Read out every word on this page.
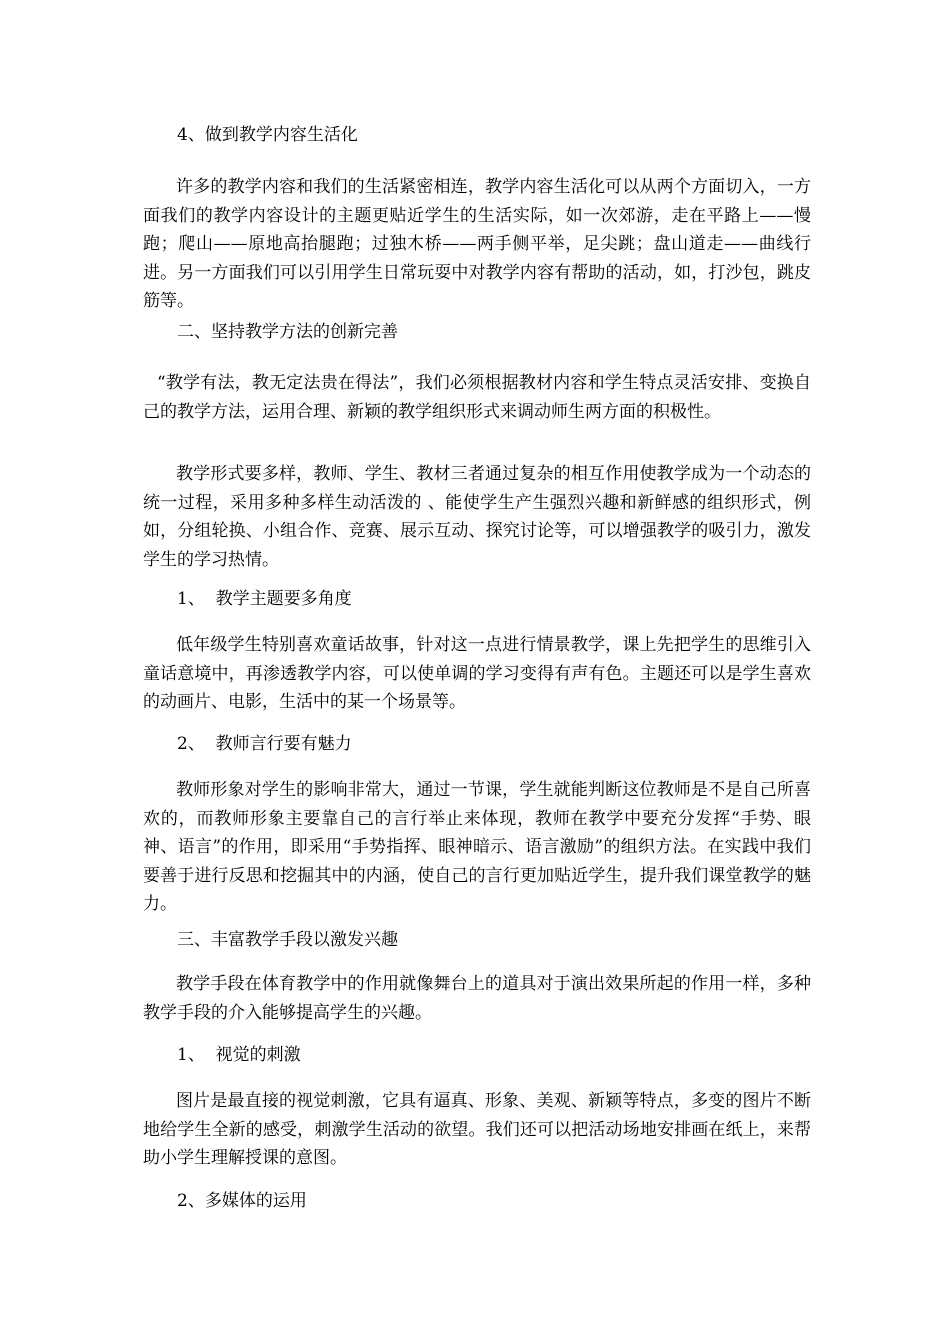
4、做到教学内容生活化

许多的教学内容和我们的生活紧密相连，教学内容生活化可以从两个方面切入，一方面我们的教学内容设计的主题更贴近学生的生活实际，如一次郊游，走在平路上——慢跑；爬山——原地高抬腿跑；过独木桥——两手侧平举，足尖跳；盘山道走——曲线行进。另一方面我们可以引用学生日常玩耍中对教学内容有帮助的活动，如，打沙包，跳皮筋等。

二、坚持教学方法的创新完善

“教学有法，教无定法贵在得法”，我们必须根据教材内容和学生特点灵活安排、变换自己的教学方法，运用合理、新颖的教学组织形式来调动师生两方面的积极性。

教学形式要多样，教师、学生、教材三者通过复杂的相互作用使教学成为一个动态的统一过程，采用多种多样生动活泼的 、能使学生产生强烈兴趣和新鲜感的组织形式，例如，分组轮换、小组合作、竞赛、展示互动、探究讨论等，可以增强教学的吸引力，激发学生的学习热情。

1、  教学主题要多角度

低年级学生特别喜欢童话故事，针对这一点进行情景教学，课上先把学生的思维引入童话意境中，再渗透教学内容，可以使单调的学习变得有声有色。主题还可以是学生喜欢的动画片、电影，生活中的某一个场景等。

2、  教师言行要有魅力

教师形象对学生的影响非常大，通过一节课，学生就能判断这位教师是不是自己所喜欢的，而教师形象主要靠自己的言行举止来体现，教师在教学中要充分发挥“手势、眼神、语言”的作用，即采用“手势指挥、眼神暗示、语言激励”的组织方法。在实践中我们要善于进行反思和挖掘其中的内涵，使自己的言行更加贴近学生，提升我们课堂教学的魅力。

三、丰富教学手段以激发兴趣

教学手段在体育教学中的作用就像舞台上的道具对于演出效果所起的作用一样，多种教学手段的介入能够提高学生的兴趣。

1、  视觉的刺激

图片是最直接的视觉刺激，它具有逼真、形象、美观、新颖等特点，多变的图片不断地给学生全新的感受，刺激学生活动的欲望。我们还可以把活动场地安排画在纸上，来帮助小学生理解授课的意图。

2、多媒体的运用
